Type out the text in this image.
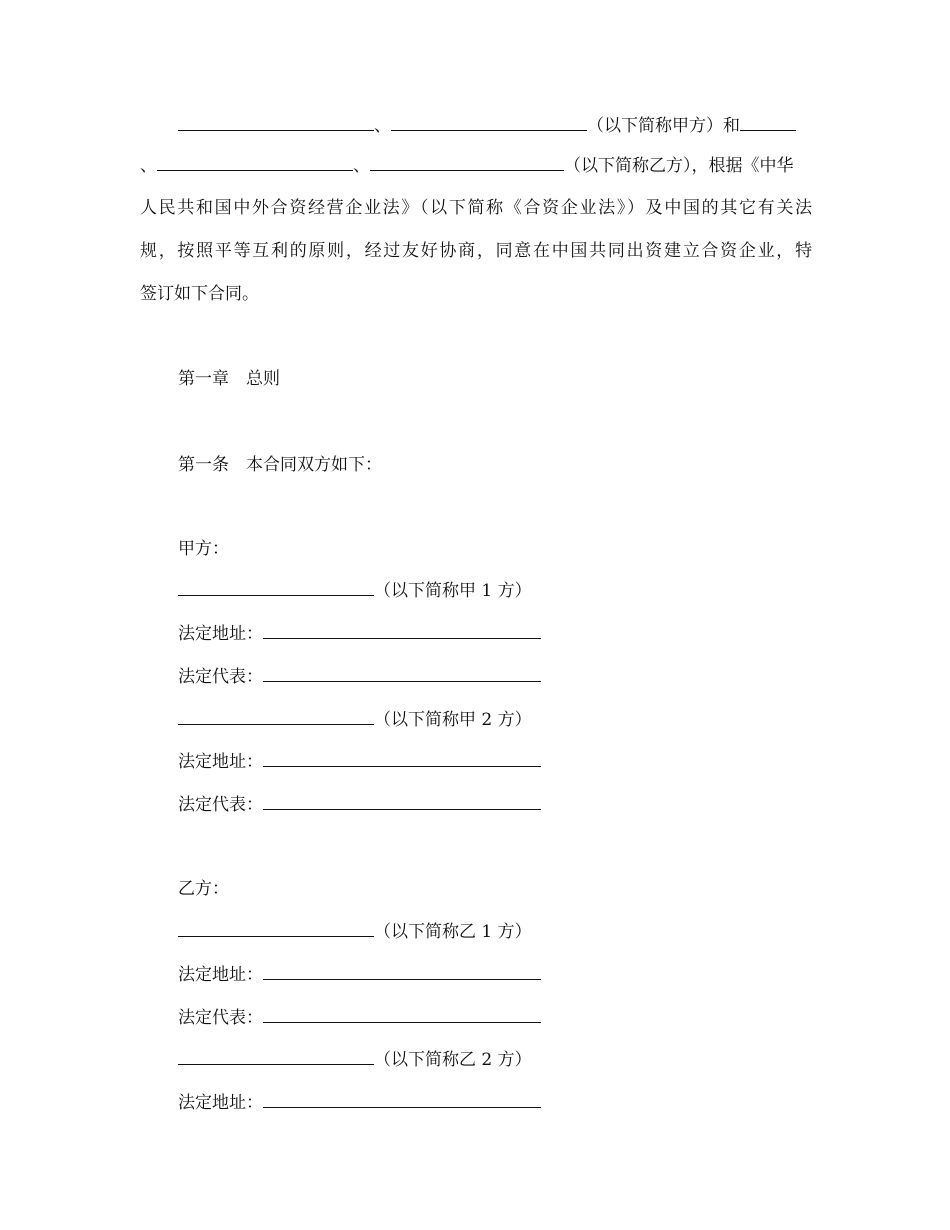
、	（以下简称甲方）和
、	、	（以下简称乙方），根据《中华
人民共和国中外合资经营企业法》（以下简称《合资企业法》）及中国的其它有关法
规，按照平等互利的原则，经过友好协商，同意在中国共同出资建立合资企业，特
签订如下合同。
第一章　总则
第一条　本合同双方如下：
甲方：
（以下简称甲 1 方）
法定地址：
法定代表：
（以下简称甲 2 方）
法定地址：
法定代表：
乙方：
（以下简称乙 1 方）
法定地址：
法定代表：
（以下简称乙 2 方）
法定地址：
